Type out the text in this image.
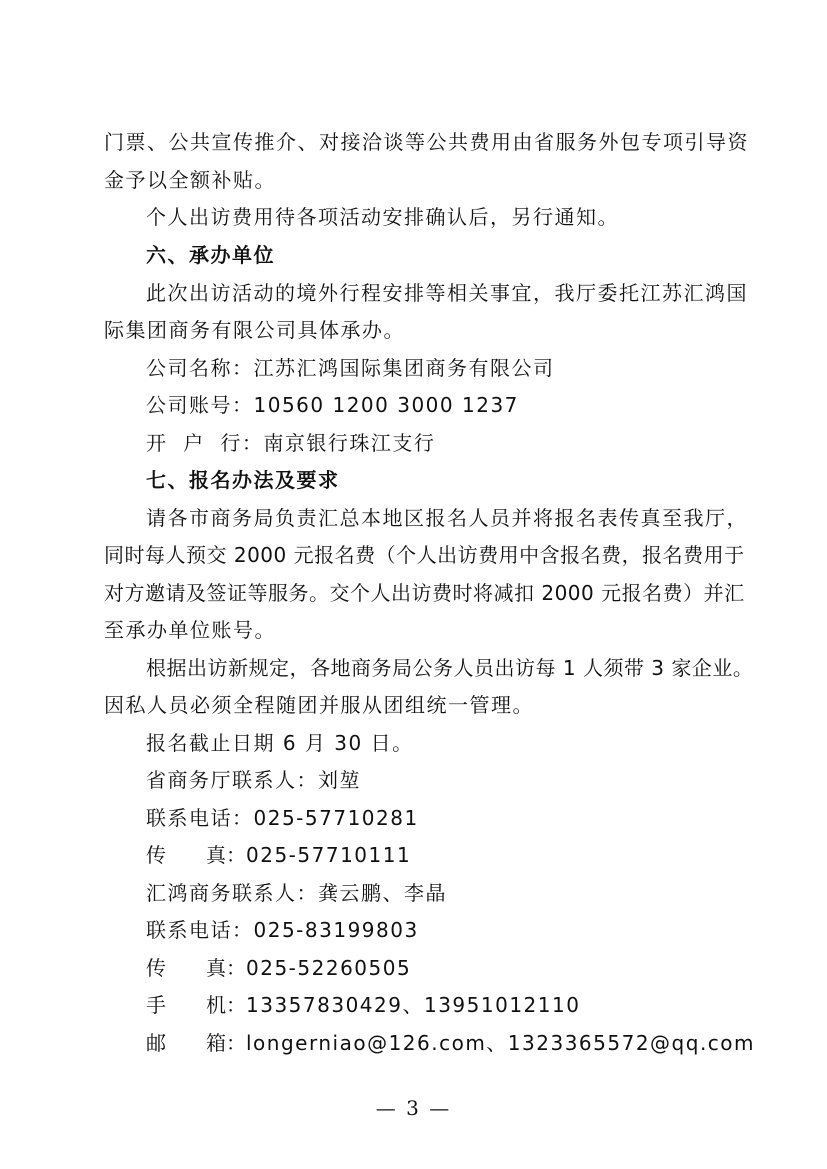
门票、公共宣传推介、对接洽谈等公共费用由省服务外包专项引导资
金予以全额补贴。
个人出访费用待各项活动安排确认后，另行通知。
六、承办单位
此次出访活动的境外行程安排等相关事宜，我厅委托江苏汇鸿国
际集团商务有限公司具体承办。
公司名称：江苏汇鸿国际集团商务有限公司
公司账号：10560 1200 3000 1237
开  户  行：南京银行珠江支行
七、报名办法及要求
请各市商务局负责汇总本地区报名人员并将报名表传真至我厅，
同时每人预交 2000 元报名费（个人出访费用中含报名费，报名费用于
对方邀请及签证等服务。交个人出访费时将减扣 2000 元报名费）并汇
至承办单位账号。
根据出访新规定，各地商务局公务人员出访每 1 人须带 3 家企业。
因私人员必须全程随团并服从团组统一管理。
报名截止日期 6 月 30 日。
省商务厅联系人：刘堃
联系电话：025-57710281
传 真：025-57710111
汇鸿商务联系人：龚云鹏、李晶
联系电话：025-83199803
传 真：025-52260505
手 机：13357830429、13951012110
邮 箱：longerniao@126.com、1323365572@qq.com
— 3 —
